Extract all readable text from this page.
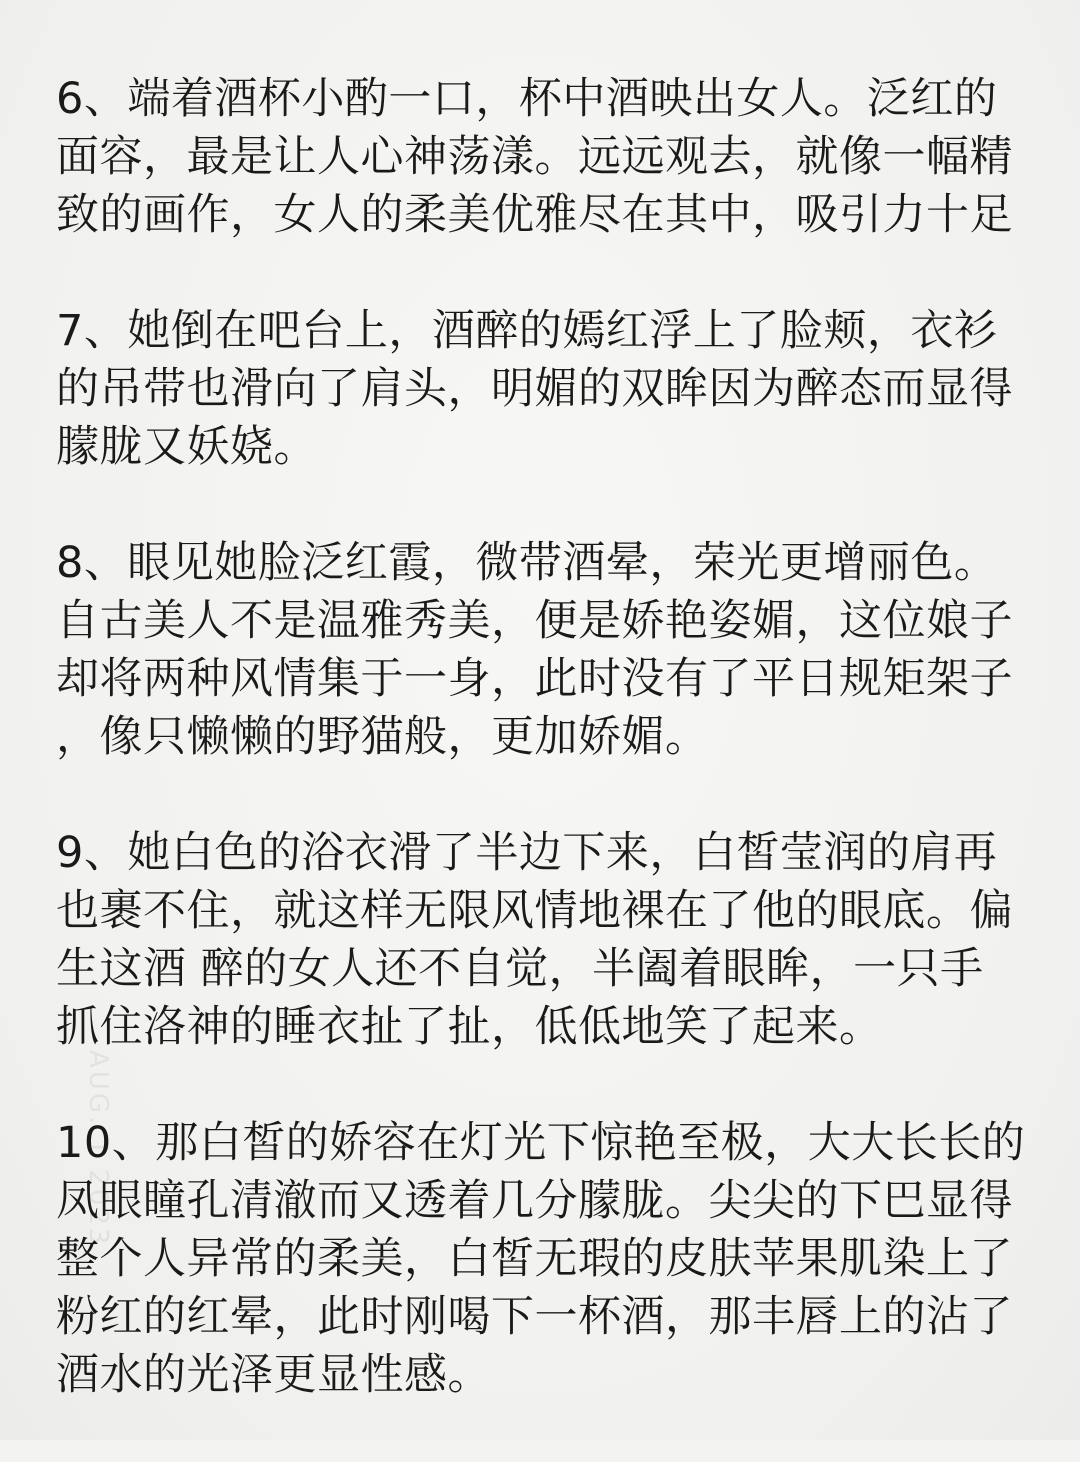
AUG. 1 2023
6、端着酒杯小酌一口，杯中酒映出女人。泛红的
面容，最是让人心神荡漾。远远观去，就像一幅精
致的画作，女人的柔美优雅尽在其中，吸引力十足
7、她倒在吧台上，酒醉的嫣红浮上了脸颊，衣衫
的吊带也滑向了肩头，明媚的双眸因为醉态而显得
朦胧又妖娆。
8、眼见她脸泛红霞，微带酒晕，荣光更增丽色。
自古美人不是温雅秀美，便是娇艳姿媚，这位娘子
却将两种风情集于一身，此时没有了平日规矩架子
，像只懒懒的野猫般，更加娇媚。
9、她白色的浴衣滑了半边下来，白皙莹润的肩再
也裹不住，就这样无限风情地裸在了他的眼底。偏
生这酒 醉的女人还不自觉，半阖着眼眸，一只手
抓住洛神的睡衣扯了扯，低低地笑了起来。
10、那白皙的娇容在灯光下惊艳至极，大大长长的
凤眼瞳孔清澈而又透着几分朦胧。尖尖的下巴显得
整个人异常的柔美，白皙无瑕的皮肤苹果肌染上了
粉红的红晕，此时刚喝下一杯酒，那丰唇上的沾了
酒水的光泽更显性感。
